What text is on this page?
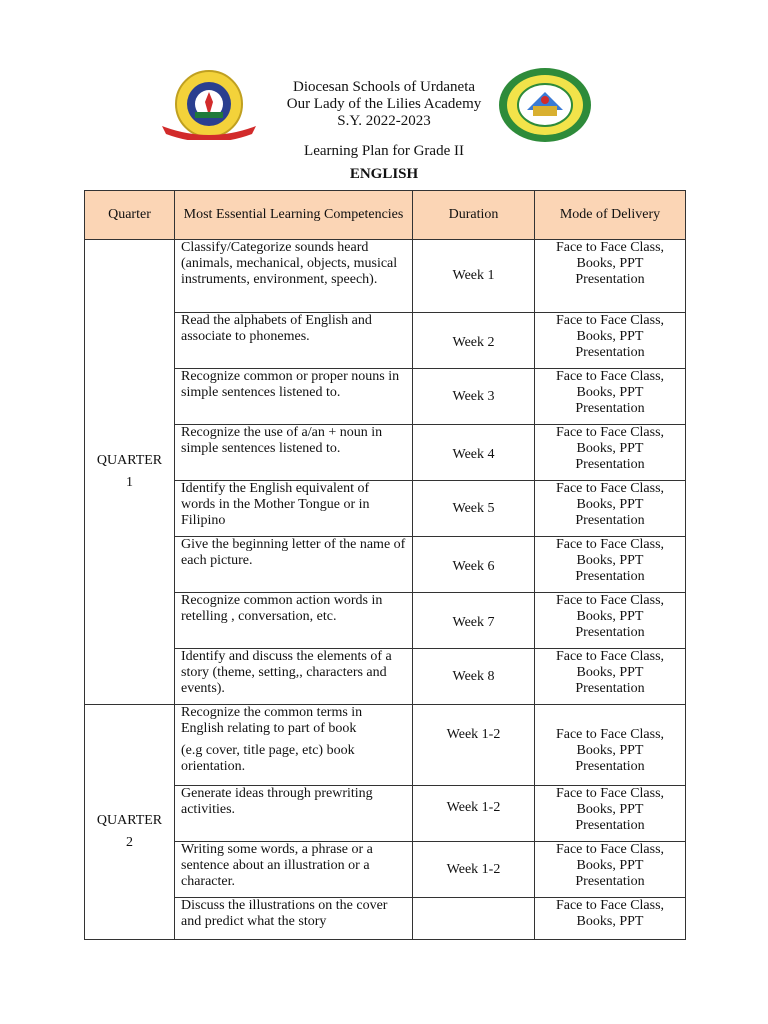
Diocesan Schools of Urdaneta
Our Lady of the Lilies Academy
S.Y. 2022-2023
Learning Plan for Grade II
ENGLISH
Quarter	Most Essential Learning Competencies	Duration	Mode of Delivery

QUARTER
1	Classify/Categorize sounds heard (animals, mechanical, objects, musical instruments, environment, speech).	Week 1	Face to Face Class, Books, PPT Presentation

	Read the alphabets of English and associate to phonemes.	Week 2	Face to Face Class, Books, PPT Presentation

	Recognize common or proper nouns in simple sentences listened to.	Week 3	Face to Face Class, Books, PPT Presentation

	Recognize the use of a/an + noun in simple sentences listened to.	Week 4	Face to Face Class, Books, PPT Presentation

	Identify the English equivalent of words in the Mother Tongue or in Filipino	Week 5	Face to Face Class, Books, PPT Presentation

	Give the beginning letter of the name of each picture.	Week 6	Face to Face Class, Books, PPT Presentation

	Recognize common action words in retelling , conversation, etc.	Week 7	Face to Face Class, Books, PPT Presentation

	Identify and discuss the elements of a story (theme, setting,, characters and events).	Week 8	Face to Face Class, Books, PPT Presentation

QUARTER
2	Recognize the common terms in English relating to part of book
(e.g cover, title page, etc) book orientation.	Week 1-2	Face to Face Class, Books, PPT Presentation

	Generate ideas through prewriting activities.	Week 1-2	Face to Face Class, Books, PPT Presentation

	Writing some words, a phrase or a sentence about an illustration or a character.	Week 1-2	Face to Face Class, Books, PPT Presentation

	Discuss the illustrations on the cover and predict what the story		Face to Face Class, Books, PPT
